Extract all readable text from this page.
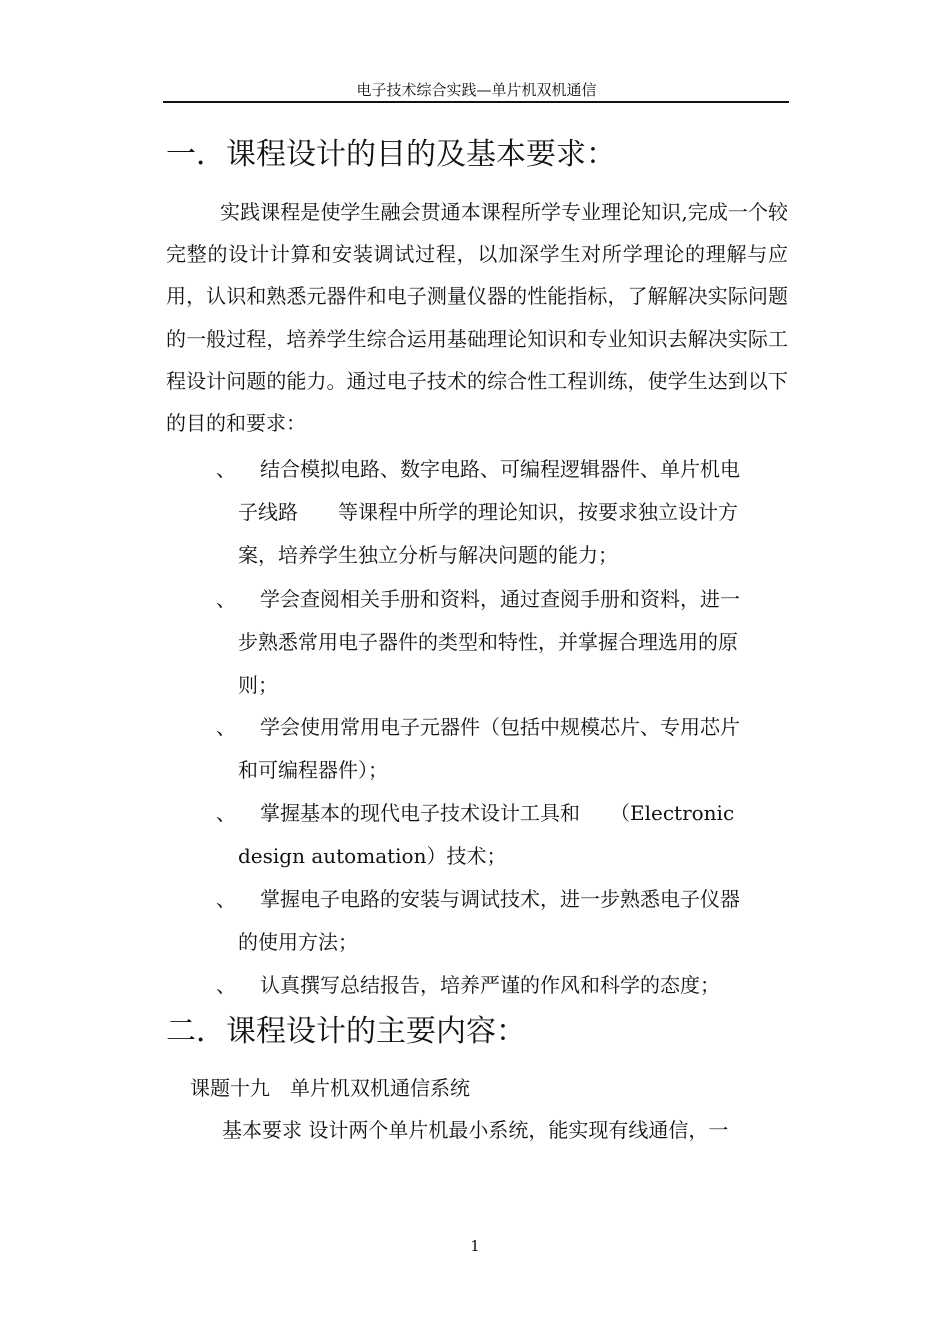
电子技术综合实践—单片机双机通信
一．课程设计的目的及基本要求：
实践课程是使学生融会贯通本课程所学专业理论知识,完成一个较完整的设计计算和安装调试过程，以加深学生对所学理论的理解与应用，认识和熟悉元器件和电子测量仪器的性能指标，了解解决实际问题的一般过程，培养学生综合运用基础理论知识和专业知识去解决实际工程设计问题的能力。通过电子技术的综合性工程训练，使学生达到以下的目的和要求：
、	结合模拟电路、数字电路、可编程逻辑器件、单片机电
子线路　　等课程中所学的理论知识，按要求独立设计方
案，培养学生独立分析与解决问题的能力；
、	学会查阅相关手册和资料，通过查阅手册和资料，进一
步熟悉常用电子器件的类型和特性，并掌握合理选用的原
则；
、	学会使用常用电子元器件（包括中规模芯片、专用芯片
和可编程器件）；
、	掌握基本的现代电子技术设计工具和　　（Electronic
design automation）技术；
、	掌握电子电路的安装与调试技术，进一步熟悉电子仪器
的使用方法；
、	认真撰写总结报告，培养严谨的作风和科学的态度；
二．课程设计的主要内容：
课题十九　单片机双机通信系统
基本要求 设计两个单片机最小系统，能实现有线通信，一
1
